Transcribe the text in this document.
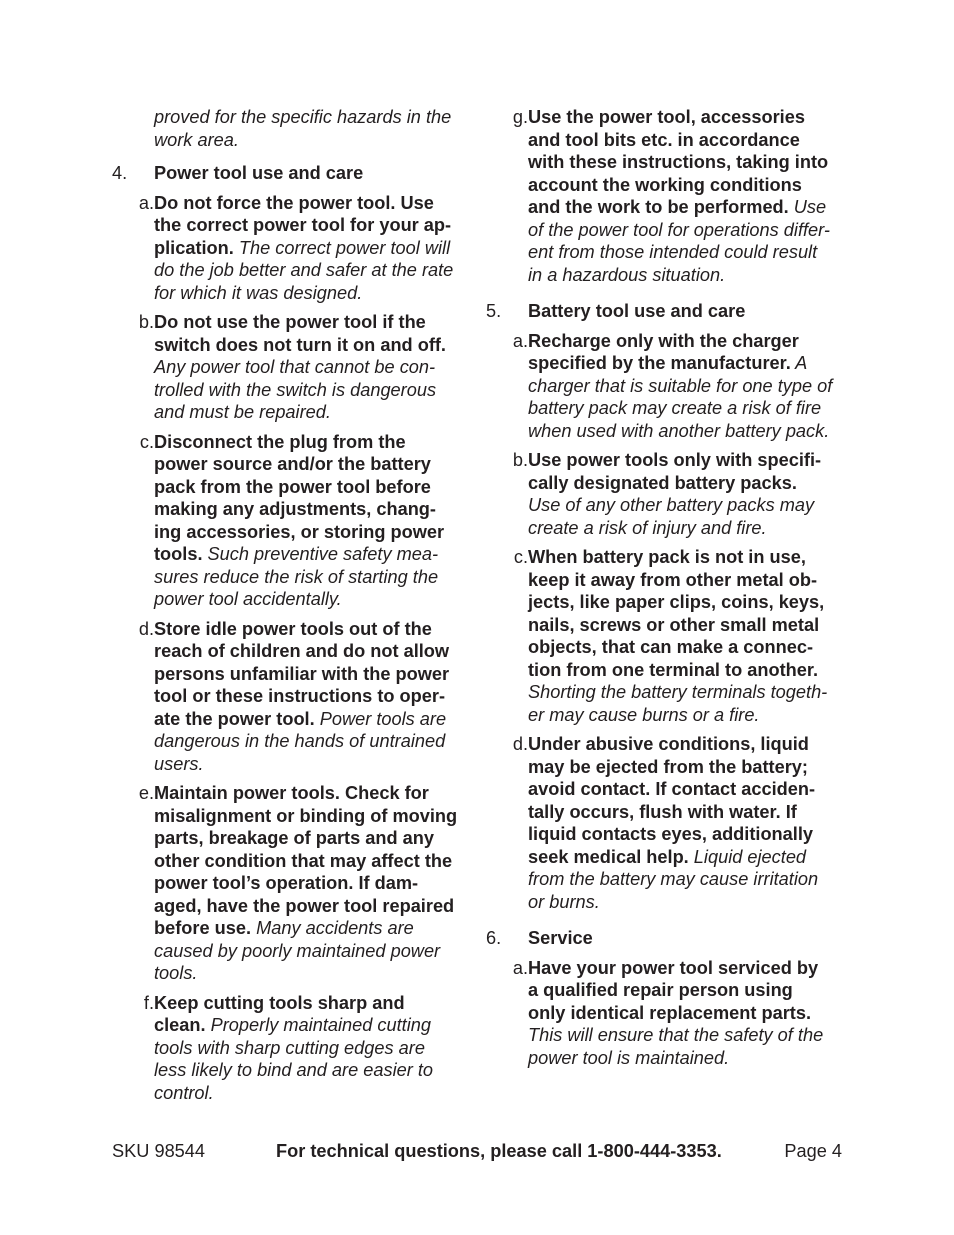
proved for the specific hazards in the
work area.
4. Power tool use and care
a. Do not force the power tool. Use
the correct power tool for your ap-
plication. The correct power tool will
do the job better and safer at the rate
for which it was designed.
b. Do not use the power tool if the
switch does not turn it on and off.
Any power tool that cannot be con-
trolled with the switch is dangerous
and must be repaired.
c. Disconnect the plug from the
power source and/or the battery
pack from the power tool before
making any adjustments, chang-
ing accessories, or storing power
tools. Such preventive safety mea-
sures reduce the risk of starting the
power tool accidentally.
d. Store idle power tools out of the
reach of children and do not allow
persons unfamiliar with the power
tool or these instructions to oper-
ate the power tool. Power tools are
dangerous in the hands of untrained
users.
e. Maintain power tools. Check for
misalignment or binding of moving
parts, breakage of parts and any
other condition that may affect the
power tool’s operation. If dam-
aged, have the power tool repaired
before use. Many accidents are
caused by poorly maintained power
tools.
f. Keep cutting tools sharp and
clean. Properly maintained cutting
tools with sharp cutting edges are
less likely to bind and are easier to
control.
g. Use the power tool, accessories
and tool bits etc. in accordance
with these instructions, taking into
account the working conditions
and the work to be performed. Use
of the power tool for operations differ-
ent from those intended could result
in a hazardous situation.
5. Battery tool use and care
a. Recharge only with the charger
specified by the manufacturer. A
charger that is suitable for one type of
battery pack may create a risk of fire
when used with another battery pack.
b. Use power tools only with specifi-
cally designated battery packs.
Use of any other battery packs may
create a risk of injury and fire.
c. When battery pack is not in use,
keep it away from other metal ob-
jects, like paper clips, coins, keys,
nails, screws or other small metal
objects, that can make a connec-
tion from one terminal to another.
Shorting the battery terminals togeth-
er may cause burns or a fire.
d. Under abusive conditions, liquid
may be ejected from the battery;
avoid contact. If contact acciden-
tally occurs, flush with water. If
liquid contacts eyes, additionally
seek medical help. Liquid ejected
from the battery may cause irritation
or burns.
6. Service
a. Have your power tool serviced by
a qualified repair person using
only identical replacement parts.
This will ensure that the safety of the
power tool is maintained.
SKU 98544	For technical questions, please call 1-800-444-3353.	Page 4
